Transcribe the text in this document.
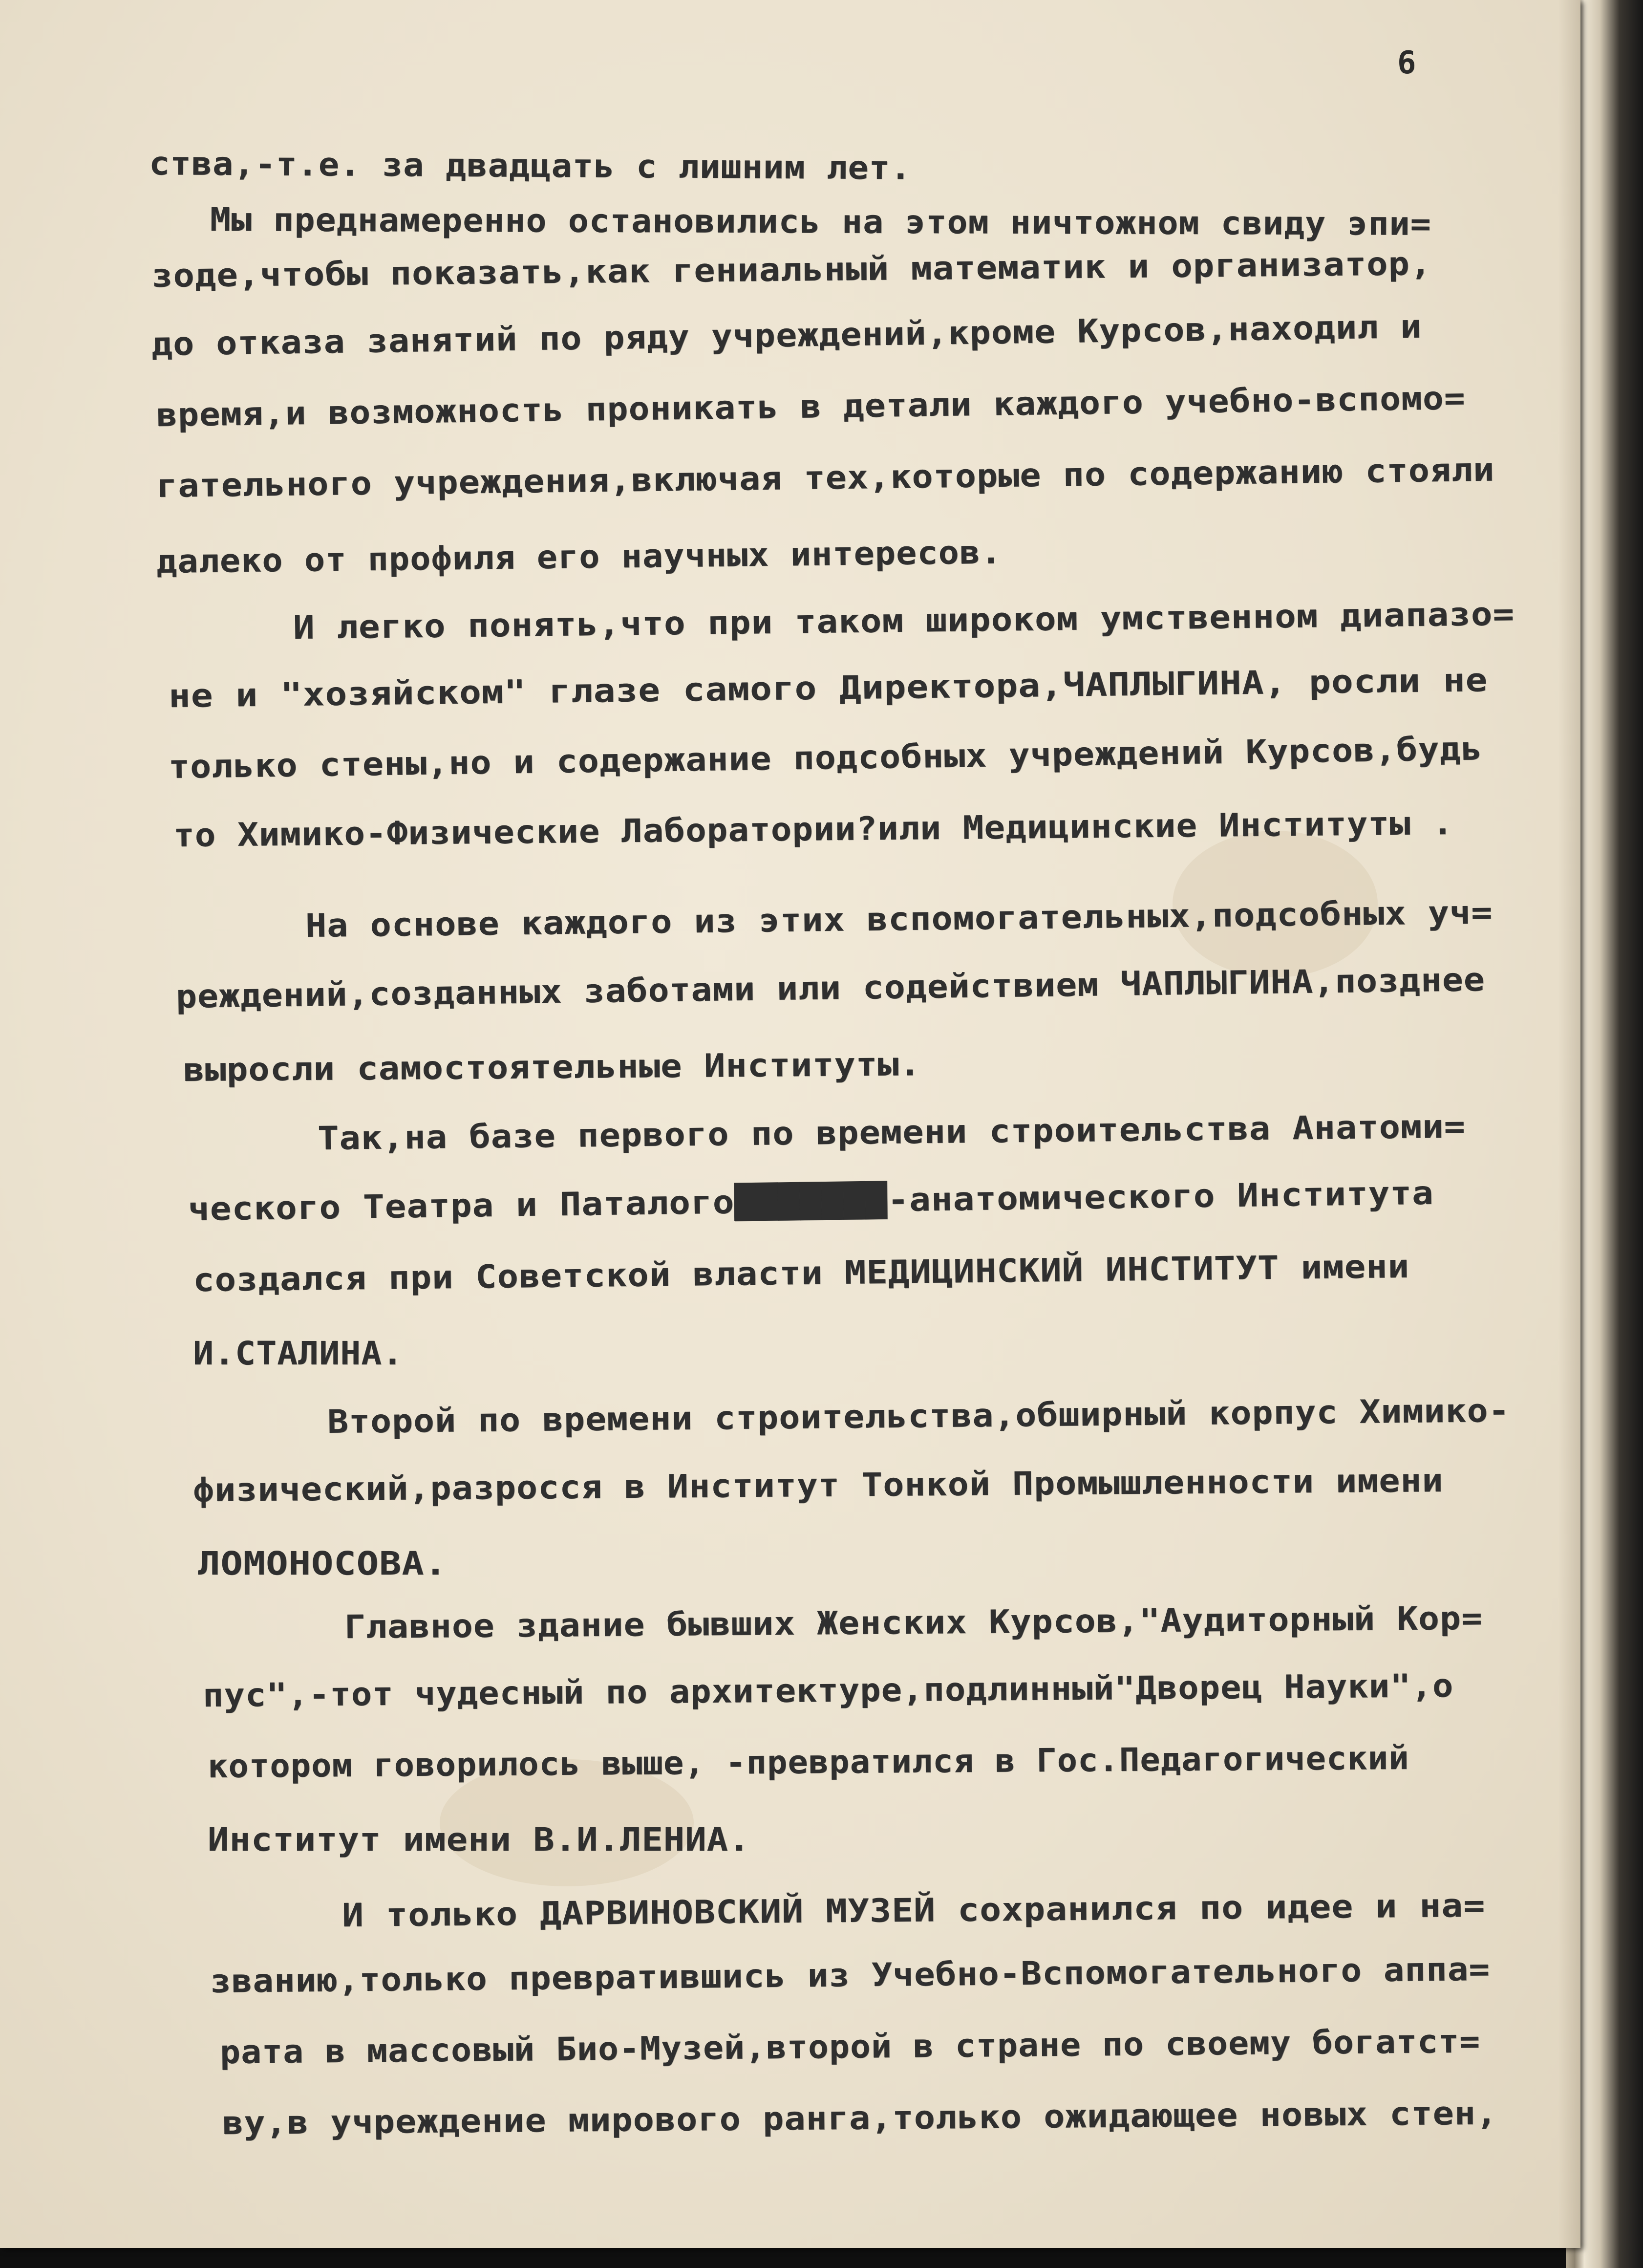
6
ства,-т.е. за двадцать с лишним лет.
Мы преднамеренно остановились на этом ничтожном свиду эпи=
зоде,чтобы показать,как гениальный математик и организатор,
до отказа занятий по ряду учреждений,кроме Курсов,находил и
время,и возможность проникать в детали каждого учебно-вспомо=
гательного учреждения,включая тех,которые по содержанию стояли
далеко от профиля его научных интересов.
И легко понять,что при таком широком умственном диапазо=
не и "хозяйском" глазе самого Директора,ЧАПЛЫГИНА, росли не
только стены,но и содержание подсобных учреждений Курсов,будь
то Химико-Физические Лаборатории?или Медицинские Институты .
На основе каждого из этих вспомогательных,подсобных уч=
реждений,созданных заботами или содействием ЧАПЛЫГИНА,позднее
выросли самостоятельные Институты.
Так,на базе первого по времени строительства Анатоми=
ческого Театра и Паталогo███████-анатомического Института
создался при Советской власти МЕДИЦИНСКИЙ ИНСТИТУТ имени
И.СТАЛИНА.
Второй по времени строительства,обширный корпус Химико-
физический,разросся в Институт Тонкой Промышленности имени
ЛОМОНОСОВА.
Главное здание бывших Женских Курсов,"Аудиторный Кор=
пус",-тот чудесный по архитектуре,подлинный"Дворец Науки",о
котором говорилось выше, -превратился в Гос.Педагогический
Институт имени В.И.ЛЕНИА.
И только ДАРВИНОВСКИЙ МУЗЕЙ сохранился по идее и на=
званию,только превратившись из Учебно-Вспомогательного аппа=
рата в массовый Био-Музей,второй в стране по своему богатст=
ву,в учреждение мирового ранга,только ожидающее новых стен,
